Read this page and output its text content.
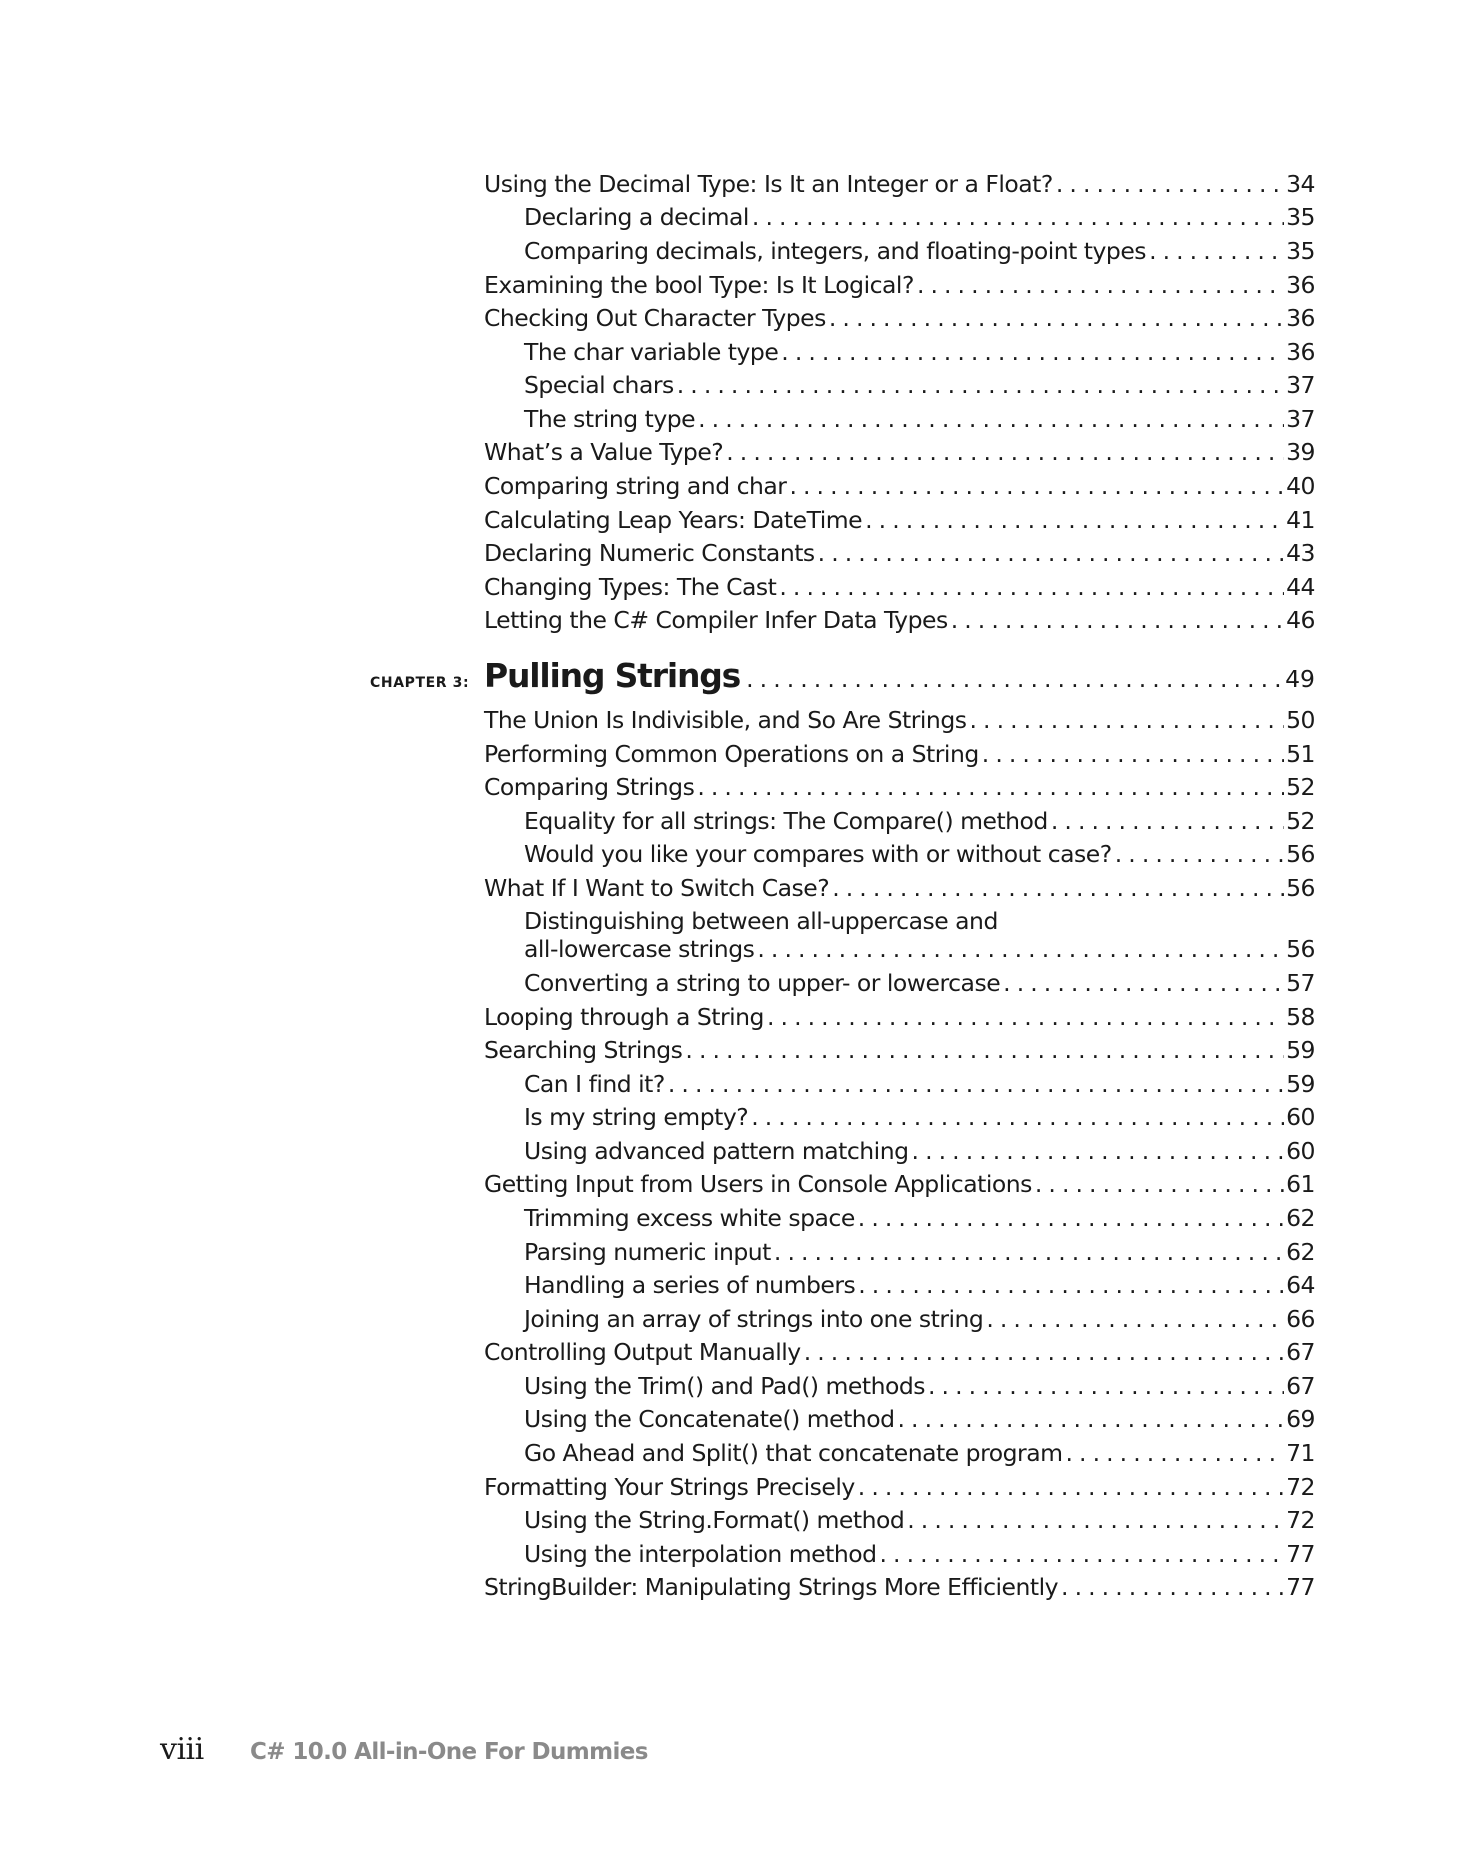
Using the Decimal Type: Is It an Integer or a Float? . . .	34
Declaring a decimal . . .	35
Comparing decimals, integers, and floating-point types . . .	35
Examining the bool Type: Is It Logical? . . .	36
Checking Out Character Types . . .	36
The char variable type . . .	36
Special chars . . .	37
The string type . . .	37
What’s a Value Type? . . .	39
Comparing string and char . . .	40
Calculating Leap Years: DateTime . . .	41
Declaring Numeric Constants . . .	43
Changing Types: The Cast . . .	44
Letting the C# Compiler Infer Data Types . . .	46
CHAPTER 3: Pulling Strings . . .	49
The Union Is Indivisible, and So Are Strings . . .	50
Performing Common Operations on a String . . .	51
Comparing Strings . . .	52
Equality for all strings: The Compare() method . . .	52
Would you like your compares with or without case? . . .	56
What If I Want to Switch Case? . . .	56
Distinguishing between all-uppercase and
all-lowercase strings . . .	56
Converting a string to upper- or lowercase . . .	57
Looping through a String . . .	58
Searching Strings . . .	59
Can I find it? . . .	59
Is my string empty? . . .	60
Using advanced pattern matching . . .	60
Getting Input from Users in Console Applications . . .	61
Trimming excess white space . . .	62
Parsing numeric input . . .	62
Handling a series of numbers . . .	64
Joining an array of strings into one string . . .	66
Controlling Output Manually . . .	67
Using the Trim() and Pad() methods . . .	67
Using the Concatenate() method . . .	69
Go Ahead and Split() that concatenate program . . .	71
Formatting Your Strings Precisely . . .	72
Using the String.Format() method . . .	72
Using the interpolation method . . .	77
StringBuilder: Manipulating Strings More Efficiently . . .	77
viii C# 10.0 All-in-One For Dummies
